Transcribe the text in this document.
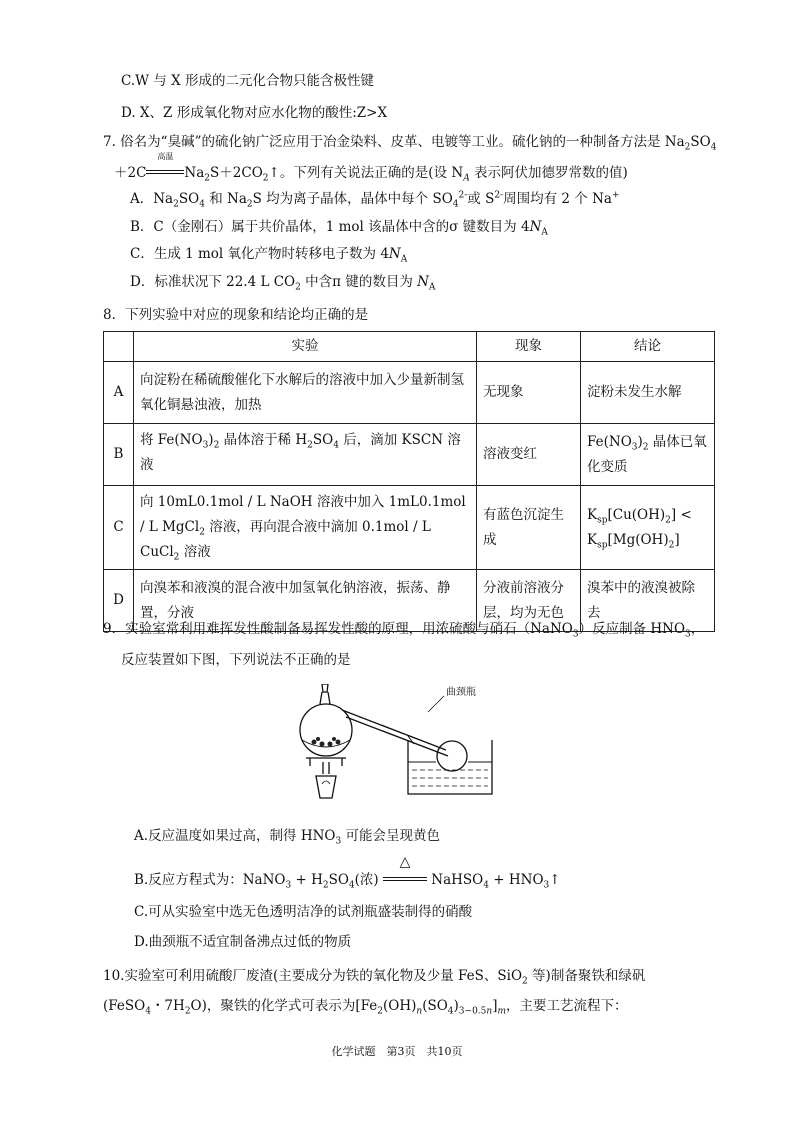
C.W 与 X 形成的二元化合物只能含极性键
D. X、Z 形成氧化物对应水化物的酸性:Z>X
7. 俗名为“臭碱”的硫化钠广泛应用于冶金染料、皮革、电镀等工业。硫化钠的一种制备方法是 $Na_2SO_4$
＋2C
高温
$Na_2S+2CO_2↑$。下列有关说法正确的是(设 $N_A$ 表示阿伏加德罗常数的值)
A．$Na_2SO_4$ 和 $Na_2S$ 均为离子晶体，晶体中每个 $SO_4^{2-}$或 $S^{2-}$周围均有 2 个 Na+
B．C（金刚石）属于共价晶体，1 mol 该晶体中含的σ 键数目为 $4N_A$
C．生成 1 mol 氧化产物时转移电子数为 $4N_A$
D．标准状况下 22.4 L $CO_2$ 中含π 键的数目为 $N_A$
8．下列实验中对应的现象和结论均正确的是
	实验	现象	结论
A	向淀粉在稀硫酸催化下水解后的溶液中加入少量新制氢氧化铜悬浊液，加热	无现象	淀粉未发生水解
B	将 $Fe(NO_3)_2$ 晶体溶于稀 $H_2SO_4$ 后，滴加 KSCN 溶液	溶液变红	$Fe(NO_3)_2$ 晶体已氧化变质
C	向 10mL0.1mol / L NaOH 溶液中加入 1mL0.1mol / L MgCl$_2$ 溶液，再向混合液中滴加 0.1mol / L CuCl$_2$ 溶液	有蓝色沉淀生成	$K_{sp}[Cu(OH)_2] < K_{sp}[Mg(OH)_2]$
D	向溴苯和液溴的混合液中加氢氧化钠溶液，振荡、静置，分液	分液前溶液分层，均为无色	溴苯中的液溴被除去
9．实验室常利用难挥发性酸制备易挥发性酸的原理，用浓硫酸与硝石（NaNO$_3$）反应制备 $HNO_3$，
反应装置如下图，下列说法不正确的是
曲颈瓶
A.反应温度如果过高，制得 $HNO_3$ 可能会呈现黄色
B.反应方程式为：NaNO$_3$ + $H_2SO_4$(浓)
△
NaHSO$_4$ + $HNO_3↑$
C.可从实验室中选无色透明洁净的试剂瓶盛装制得的硝酸
D.曲颈瓶不适宜制备沸点过低的物质
10.实验室可利用硫酸厂废渣(主要成分为铁的氧化物及少量 FeS、SiO$_2$ 等)制备聚铁和绿矾
(FeSO$_4$・$7H_2O$)，聚铁的化学式可表示为$[Fe_2(OH)_n(SO_4)_{3-0.5n}]_m$，主要工艺流程下：
化学试题　第3页　共10页
